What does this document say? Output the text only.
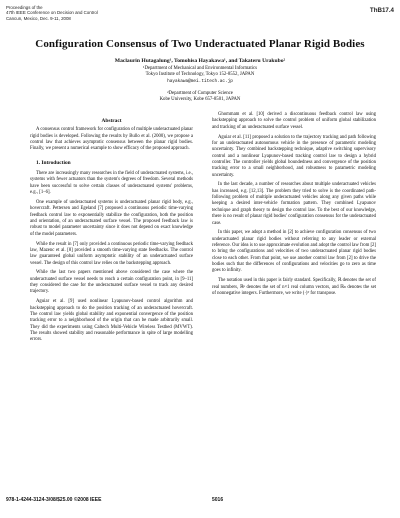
Proceedings of the
47th IEEE Conference on Decision and Control
Cancun, Mexico, Dec. 9-11, 2008
ThB17.4
Configuration Consensus of Two Underactuated Planar Rigid Bodies
Maclaurin Hutagalung¹, Tomohisa Hayakawa¹, and Takateru Urakubo²
¹Department of Mechanical and Environmental Informatics
Tokyo Institute of Technology, Tokyo 152-8552, JAPAN
hayakawa@mei.titech.ac.jp
²Department of Computer Science
Kobe University, Kobe 657-8501, JAPAN
Abstract

A consensus control framework for configuration of multiple underactuated planar rigid bodies is developed. Following the results by Bullo et al. (2000), we propose a control law that achieves asymptotic consensus between the planar rigid bodies. Finally, we present a numerical example to show efficacy of the proposed approach.

1. Introduction

There are increasingly many researches in the field of underactuated systems, i.e., systems with fewer actuators than the system's degrees of freedom. Several methods have been successful to solve certain classes of underactuated systems' problems, e.g., [1–6].

One example of underactuated systems is underactuated planar rigid body, e.g., hovercraft. Pettersen and Egeland [7] proposed a continuous periodic time-varying feedback control law to exponentially stabilize the configuration, both the position and orientation, of an underactuated surface vessel. The proposed feedback law is robust to model parameter uncertainty since it does not depend on exact knowledge of the model parameters.

While the result in [7] only provided a continuous periodic time-varying feedback law, Mazenc et al. [8] provided a smooth time-varying state feedbacks. The control law guaranteed global uniform asymptotic stability of an underactuated surface vessel. The design of this control law relies on the backstepping approach.

While the last two papers mentioned above considered the case where the underactuated surface vessel needs to reach a certain configuration point, in [9–11] they considered the case for the underactuated surface vessel to track any desired trajectory.

Aguiar et al. [9] used nonlinear Lyapunov-based control algorithm and backstepping approach to do the position tracking of an underactuated hovercraft. The control law yields global stability and exponential convergence of the position tracking error to a neighborhood of the origin that can be made arbitrarily small. They did the experiments using Caltech Multi-Vehicle Wireless Testbed (MVWT). The results showed stability and reasonable performance in spite of large modelling errors.

Ghommam et al. [10] derived a discontinuous feedback control law using backstepping approach to solve the control problem of uniform global stabilization and tracking of an underactuated surface vessel.

Aguiar et al. [11] proposed a solution to the trajectory tracking and path following for an underactuated autonomous vehicle in the presence of parametric modeling uncertainty. They combined backstepping technique, adaptive switching supervisory control and a nonlinear Lyapunov-based tracking control law to design a hybrid controller. The controller yields global boundedness and convergence of the position tracking error to a small neighborhood, and robustness to parametric modeling uncertainty.

In the last decade, a number of researches about multiple underactuated vehicles has increased, e.g. [12,13]. The problem they tried to solve is the coordinated path-following problem of multiple underactuated vehicles along any given paths while keeping a desired inter-vehicle formation pattern. They combined Lyapunov technique and graph theory to design the control law. To the best of our knowledge, there is no result of planar rigid bodies' configuration consensus for the underactuated case.

In this paper, we adopt a method in [2] to achieve configuration consensus of two underactuated planar rigid bodies without referring to any leader or external reference. Our idea is to use approximate evolution and adopt the control law from [2] to bring the configurations and velocities of two underactuated planar rigid bodies close to each other. From that point, we use another control law from [2] to drive the bodies such that the differences of configurations and velocities go to zero as time goes to infinity.

The notation used in this paper is fairly standard. Specifically, ℝ denotes the set of real numbers, ℝⁿ denotes the set of n×1 real column vectors, and ℝₕ denotes the set of nonnegative integers. Furthermore, we write (·)ᵀ for transpose.

978-1-4244-3124-3/08/$25.00 ©2008 IEEE	5016
